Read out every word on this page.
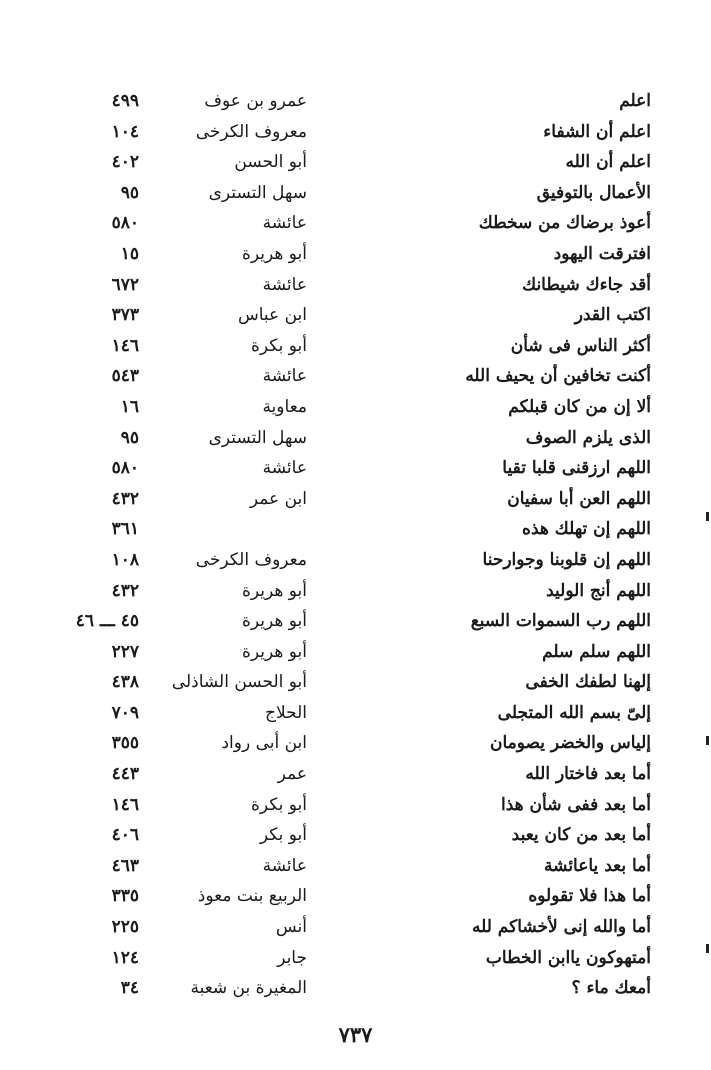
اعلم
عمرو بن عوف
٤٩٩
اعلم أن الشفاء
معروف الكرخى
١٠٤
اعلم أن الله
أبو الحسن
٤٠٢
الأعمال بالتوفيق
سهل التسترى
٩٥
أعوذ برضاك من سخطك
عائشة
٥٨٠
افترقت اليهود
أبو هريرة
١٥
أقد جاءك شيطانك
عائشة
٦٧٢
اكتب القدر
ابن عباس
٣٧٣
أكثر الناس فى شأن
أبو بكرة
١٤٦
أكنت تخافين أن يحيف الله
عائشة
٥٤٣
ألا إن من كان قبلكم
معاوية
١٦
الذى يلزم الصوف
سهل التسترى
٩٥
اللهم ارزقنى قلبا تقيا
عائشة
٥٨٠
اللهم العن أبا سفيان
ابن عمر
٤٣٢
اللهم إن تهلك هذه
٣٦١
اللهم إن قلوبنا وجوارحنا
معروف الكرخى
١٠٨
اللهم أنج الوليد
أبو هريرة
٤٣٢
اللهم رب السموات السبع
أبو هريرة
٤٥ ـــ ٤٦
اللهم سلم سلم
أبو هريرة
٢٢٧
إلهنا لطفك الخفى
أبو الحسن الشاذلى
٤٣٨
إلىّ بسم الله المتجلى
الحلاج
٧٠٩
إلياس والخضر يصومان
ابن أبى رواد
٣٥٥
أما بعد فاختار الله
عمر
٤٤٣
أما بعد ففى شأن هذا
أبو بكرة
١٤٦
أما بعد من كان يعبد
أبو بكر
٤٠٦
أما بعد ياعائشة
عائشة
٤٦٣
أما هذا فلا تقولوه
الربيع بنت معوذ
٣٣٥
أما والله إنى لأخشاكم لله
أنس
٢٢٥
أمتهوكون ياابن الخطاب
جابر
١٢٤
أمعك ماء ؟
المغيرة بن شعبة
٣٤
٧٣٧
